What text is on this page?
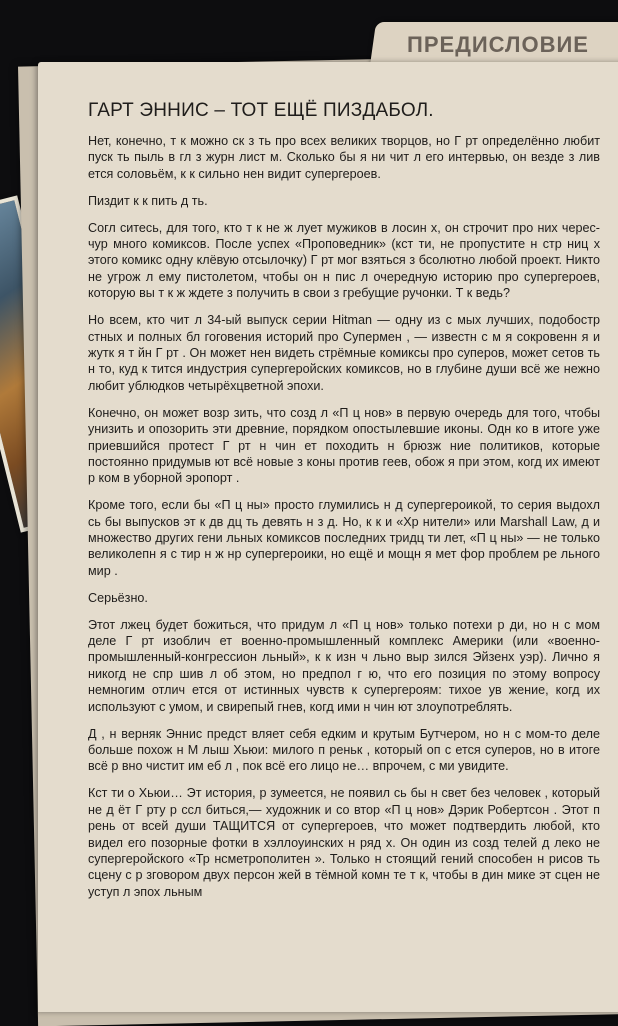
ПРЕДИСЛОВИЕ
ГАРТ ЭННИС – ТОТ ЕЩЁ ПИЗДАБОЛ.

Нет, конечно, т к можно ск з ть про всех великих творцов, но Г рт определённо любит пуск ть пыль в гл з журн лист м. Сколько бы я ни чит л его интервью, он везде з лив ется соловьём, к к сильно нен видит супергероев.

Пиздит к к пить д ть.

Согл ситесь, для того, кто т к не ж лует мужиков в лосин х, он строчит про них чересчур много комиксов. После успех «Проповедник» (кст ти, не пропустите н стр ниц х этого комикс одну клёвую отсылочку) Г рт мог взяться з бсолютно любой проект. Никто не угрож л ему пистолетом, чтобы он н пис л очередную историю про супергероев, которую вы т к ж ждете з получить в свои з гребущие ручонки. Т к ведь?

Но всем, кто чит л 34-ый выпуск серии Hitman — одну из с мых лучших, подобостр стных и полных бл гоговения историй про Супермен , — известн с м я сокровенн я и жутк я т йн Г рт . Он может нен видеть стрёмные комиксы про суперов, может сетов ть н то, куд к тится индустрия супергеройских комиксов, но в глубине души всё же нежно любит ублюдков четырёхцветной эпохи.

Конечно, он может возр зить, что созд л «П ц нов» в первую очередь для того, чтобы унизить и опозорить эти древние, порядком опостылевшие иконы. Одн ко в итоге уже приевшийся протест Г рт н чин ет походить н брюзж ние политиков, которые постоянно придумыв ют всё новые з коны против геев, обож я при этом, когд их имеют р ком в уборной эропорт .

Кроме того, если бы «П ц ны» просто глумились н д супергероикой, то серия выдохл сь бы выпусков эт к дв дц ть девять н з д. Но, к к и «Хр нители» или Marshall Law, д и множество других гени льных комиксов последних тридц ти лет, «П ц ны» — не только великолепн я с тир н ж нр супергероики, но ещё и мощн я мет фор проблем ре льного мир .

Серьёзно.

Этот лжец будет божиться, что придум л «П ц нов» только потехи р ди, но н с мом деле Г рт изоблич ет военно-промышленный комплекс Америки (или «военно-промышленный-конгрессион льный», к к изн ч льно выр зился Эйзенх уэр). Лично я никогд не спр шив л об этом, но предпол г ю, что его позиция по этому вопросу немногим отлич ется от истинных чувств к супергероям: тихое ув жение, когд их используют с умом, и свирепый гнев, когд ими н чин ют злоупотреблять.

Д , н верняк Эннис предст вляет себя едким и крутым Бутчером, но н с мом-то деле больше похож н М лыш Хьюи: милого п реньк , который оп с ется суперов, но в итоге всё р вно чистит им еб л , пок всё его лицо не… впрочем, с ми увидите.

Кст ти о Хьюи… Эт история, р зумеется, не появил сь бы н свет без человек , который не д ёт Г рту р ссл биться,— художник и со втор «П ц нов» Дэрик Робертсон . Этот п рень от всей души ТАЩИТСЯ от супергероев, что может подтвердить любой, кто видел его позорные фотки в хэллоуинских н ряд х. Он один из созд телей д леко не супергеройского «Тр нсметрополитен ». Только н стоящий гений способен н рисов ть сцену с р зговором двух персон жей в тёмной комн те т к, чтобы в дин мике эт сцен не уступ л эпох льным
